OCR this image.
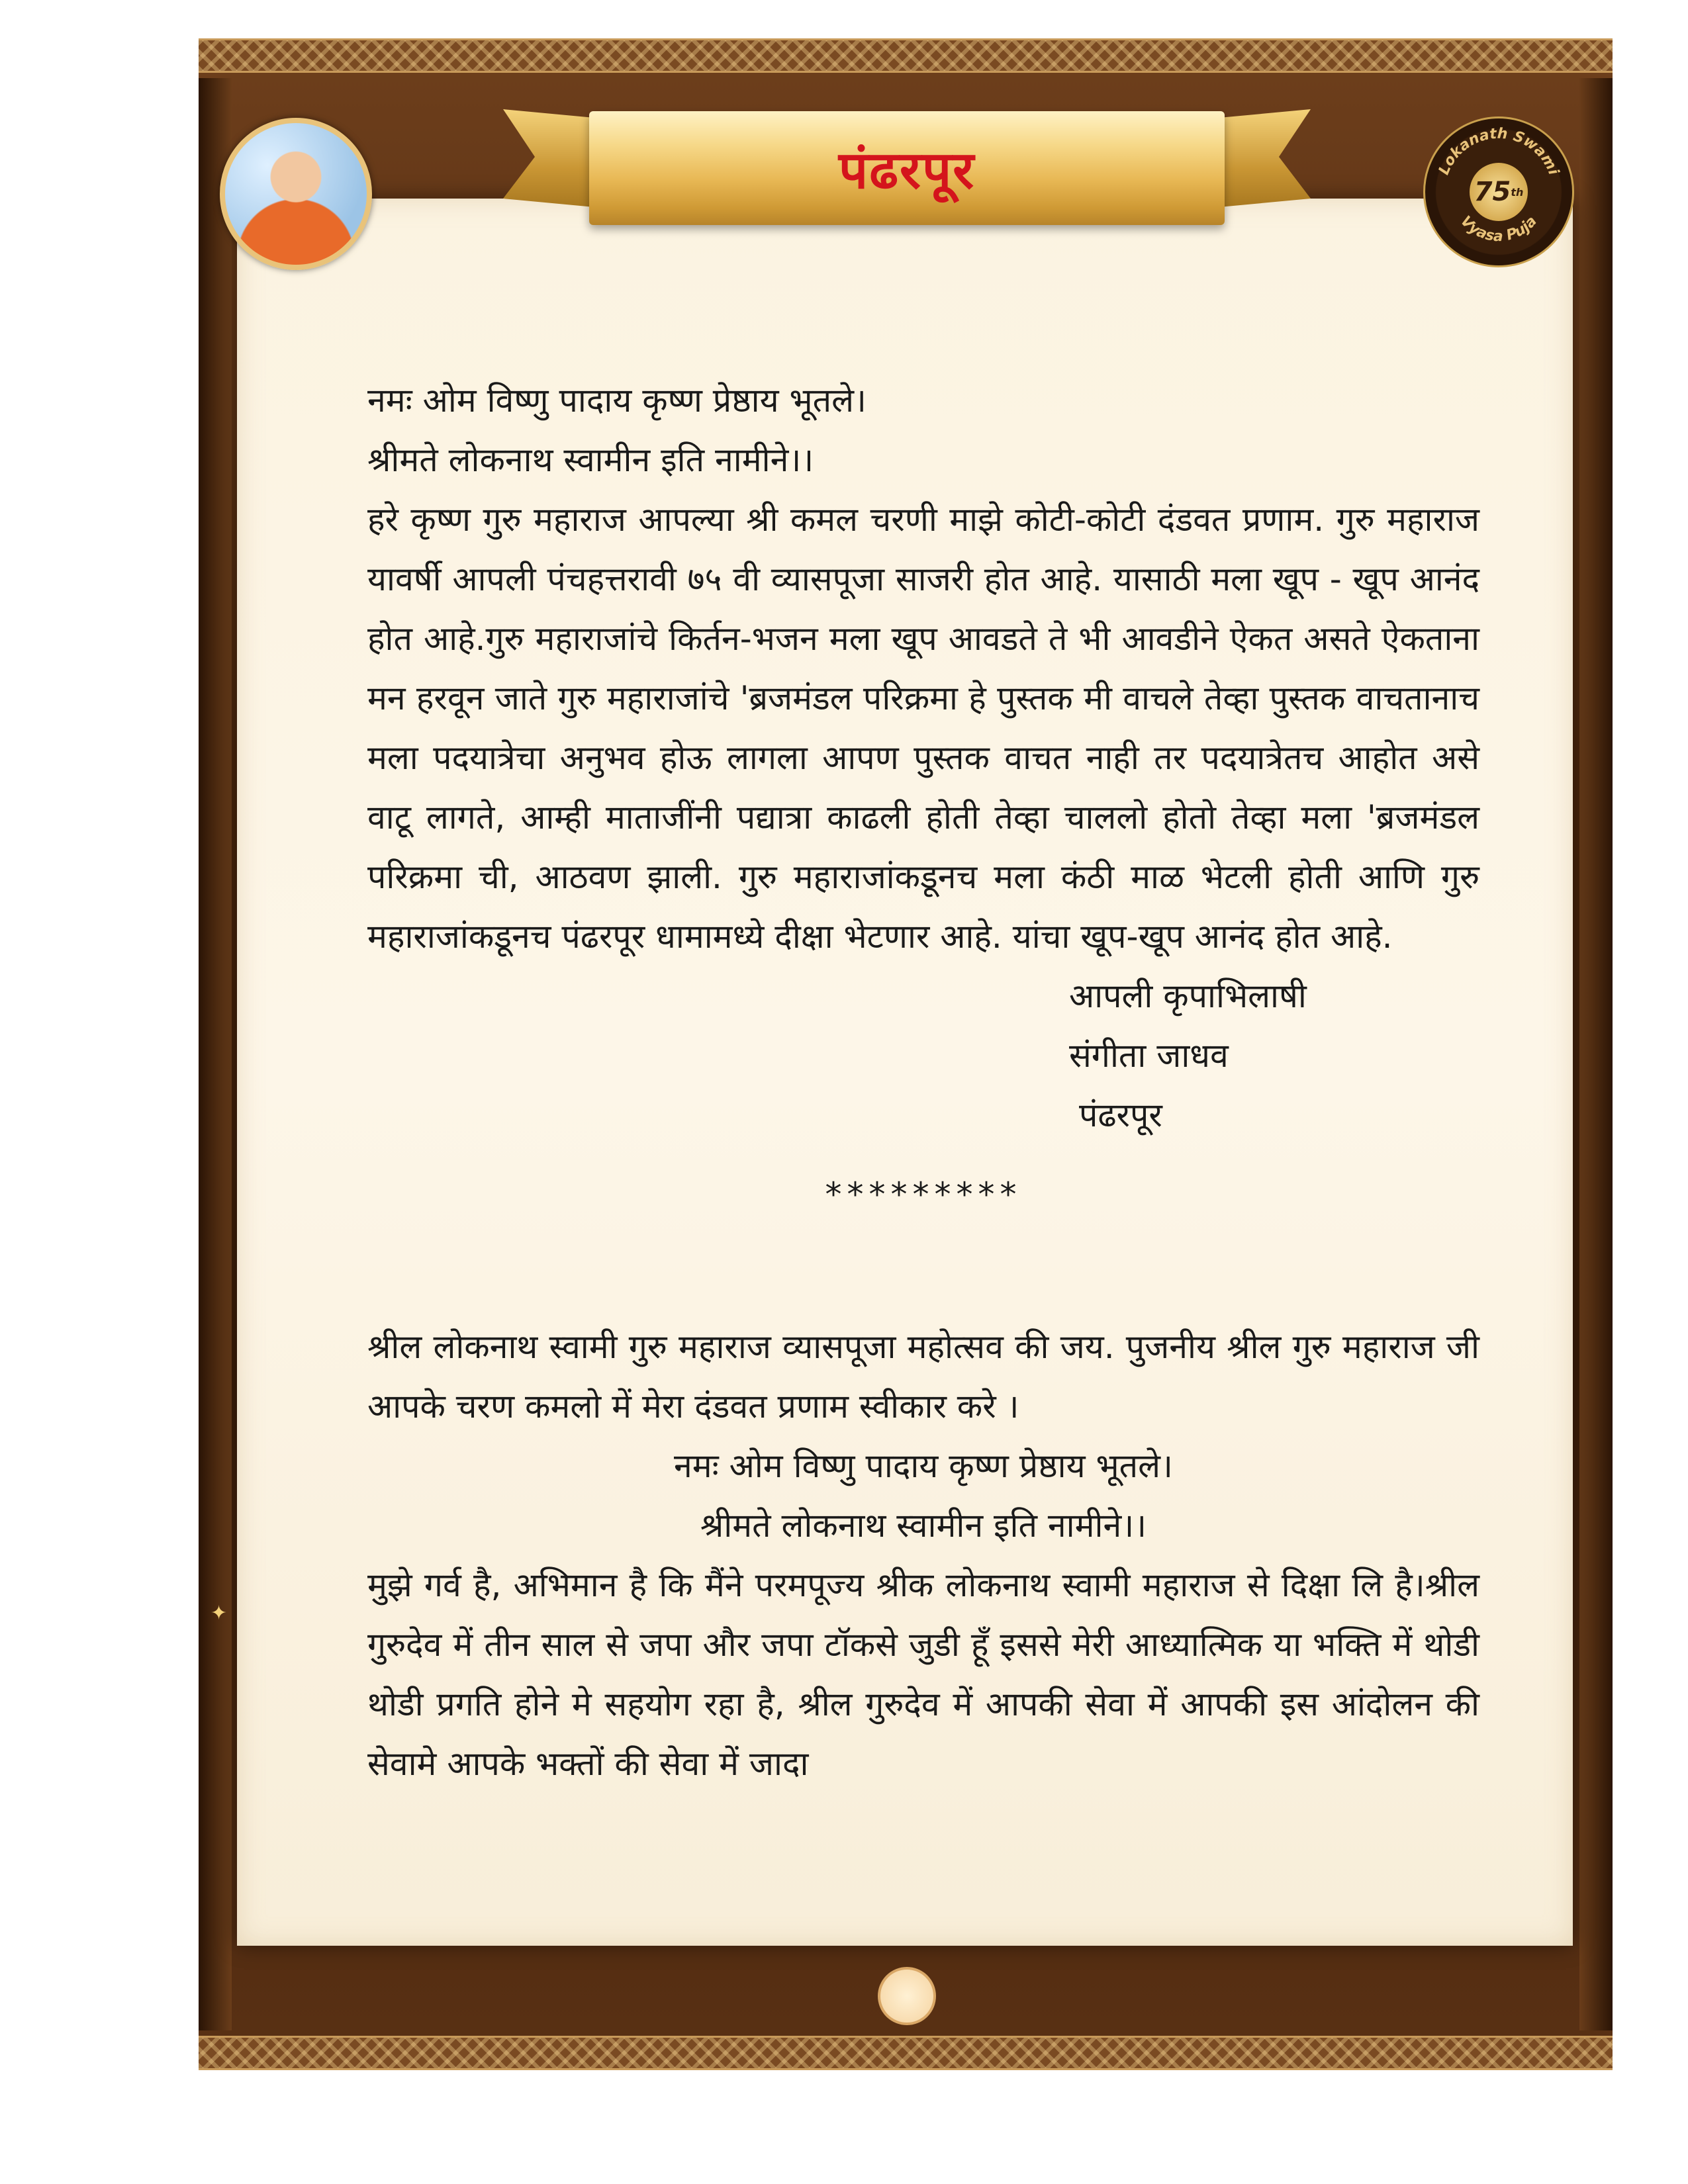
पंढरपूर	Lokanath Swami
Vyasa Puja
75 th
नमः ओम विष्णु पादाय कृष्ण प्रेष्ठाय भूतले।
श्रीमते लोकनाथ स्वामीन इति नामीने।।

हरे कृष्ण गुरु महाराज आपल्या श्री कमल चरणी माझे कोटी-कोटी दंडवत प्रणाम. गुरु महाराज यावर्षी आपली पंचहत्तरावी ७५ वी व्यासपूजा साजरी होत आहे. यासाठी मला खूप - खूप आनंद होत आहे.गुरु महाराजांचे किर्तन-भजन मला खूप आवडते ते भी आवडीने ऐकत असते ऐकताना मन हरवून जाते गुरु महाराजांचे 'ब्रजमंडल परिक्रमा हे पुस्तक मी वाचले तेव्हा पुस्तक वाचतानाच मला पदयात्रेचा अनुभव होऊ लागला आपण पुस्तक वाचत नाही तर पदयात्रेतच आहोत असे वाटू लागते, आम्ही माताजींनी पद्यात्रा काढली होती तेव्हा चाललो होतो तेव्हा मला 'ब्रजमंडल परिक्रमा ची, आठवण झाली. गुरु महाराजांकडूनच मला कंठी माळ भेटली होती आणि गुरु महाराजांकडूनच पंढरपूर धामामध्ये दीक्षा भेटणार आहे. यांचा खूप-खूप आनंद होत आहे.

आपली कृपाभिलाषी
संगीता जाधव
पंढरपूर
*********

श्रील लोकनाथ स्वामी गुरु महाराज व्यासपूजा महोत्सव की जय. पुजनीय श्रील गुरु महाराज जी आपके चरण कमलो में मेरा दंडवत प्रणाम स्वीकार करे ।

नमः ओम विष्णु पादाय कृष्ण प्रेष्ठाय भूतले।
श्रीमते लोकनाथ स्वामीन इति नामीने।।

मुझे गर्व है, अभिमान है कि मैंने परमपूज्य श्रीक लोकनाथ स्वामी महाराज से दिक्षा लि है।श्रील गुरुदेव में तीन साल से जपा और जपा टॉकसे जुडी हूँ इससे मेरी आध्यात्मिक या भक्ति में थोडी थोडी प्रगति होने मे सहयोग रहा है, श्रील गुरुदेव में आपकी सेवा में आपकी इस आंदोलन की सेवामे आपके भक्तों की सेवा में जादा

✦
